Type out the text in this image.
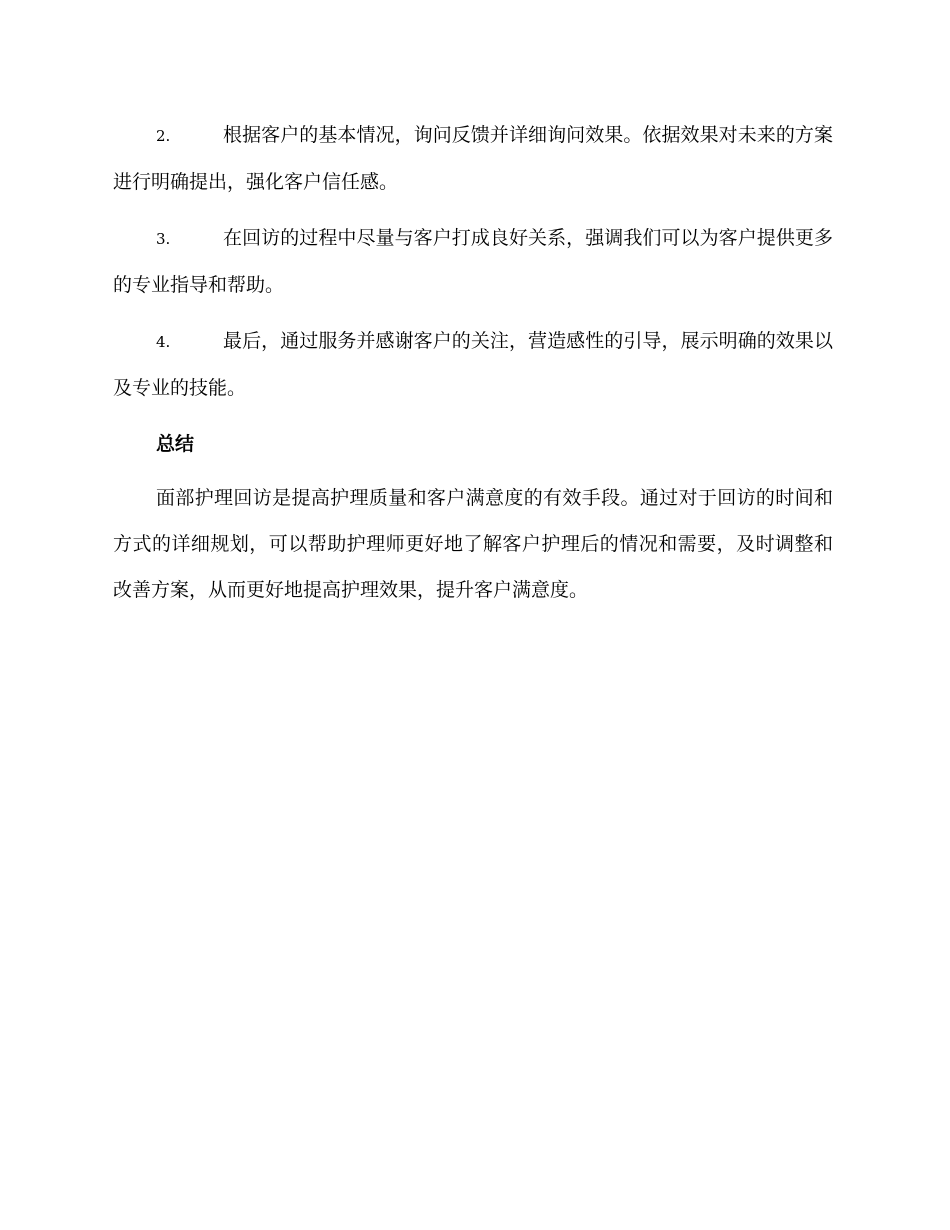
2.	根据客户的基本情况，询问反馈并详细询问效果。依据效果对未来的方案进行明确提出，强化客户信任感。

3.	在回访的过程中尽量与客户打成良好关系，强调我们可以为客户提供更多的专业指导和帮助。

4.	最后，通过服务并感谢客户的关注，营造感性的引导，展示明确的效果以及专业的技能。

总结

面部护理回访是提高护理质量和客户满意度的有效手段。通过对于回访的时间和方式的详细规划，可以帮助护理师更好地了解客户护理后的情况和需要，及时调整和改善方案，从而更好地提高护理效果，提升客户满意度。
